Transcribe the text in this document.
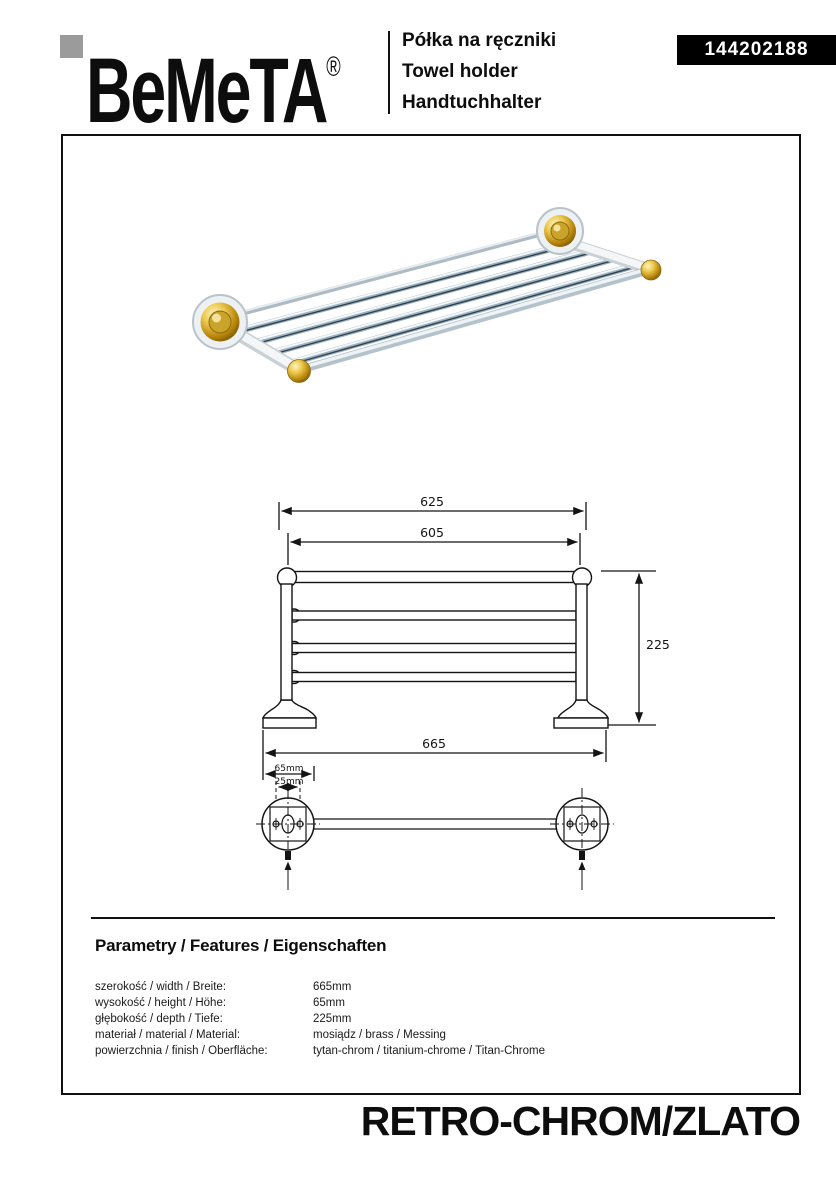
BeMeTA®
Półka na ręczniki
Towel holder
Handtuchhalter
144202188
625
605
225
665
65mm
25mm
Parametry / Features / Eigenschaften
szerokość / width / Breite:	665mm
wysokość / height / Höhe:	65mm
głębokość / depth / Tiefe:	225mm
materiał / material / Material:	mosiądz / brass / Messing
powierzchnia / finish / Oberfläche:	tytan-chrom / titanium-chrome / Titan-Chrome
RETRO-CHROM/ZLATO
